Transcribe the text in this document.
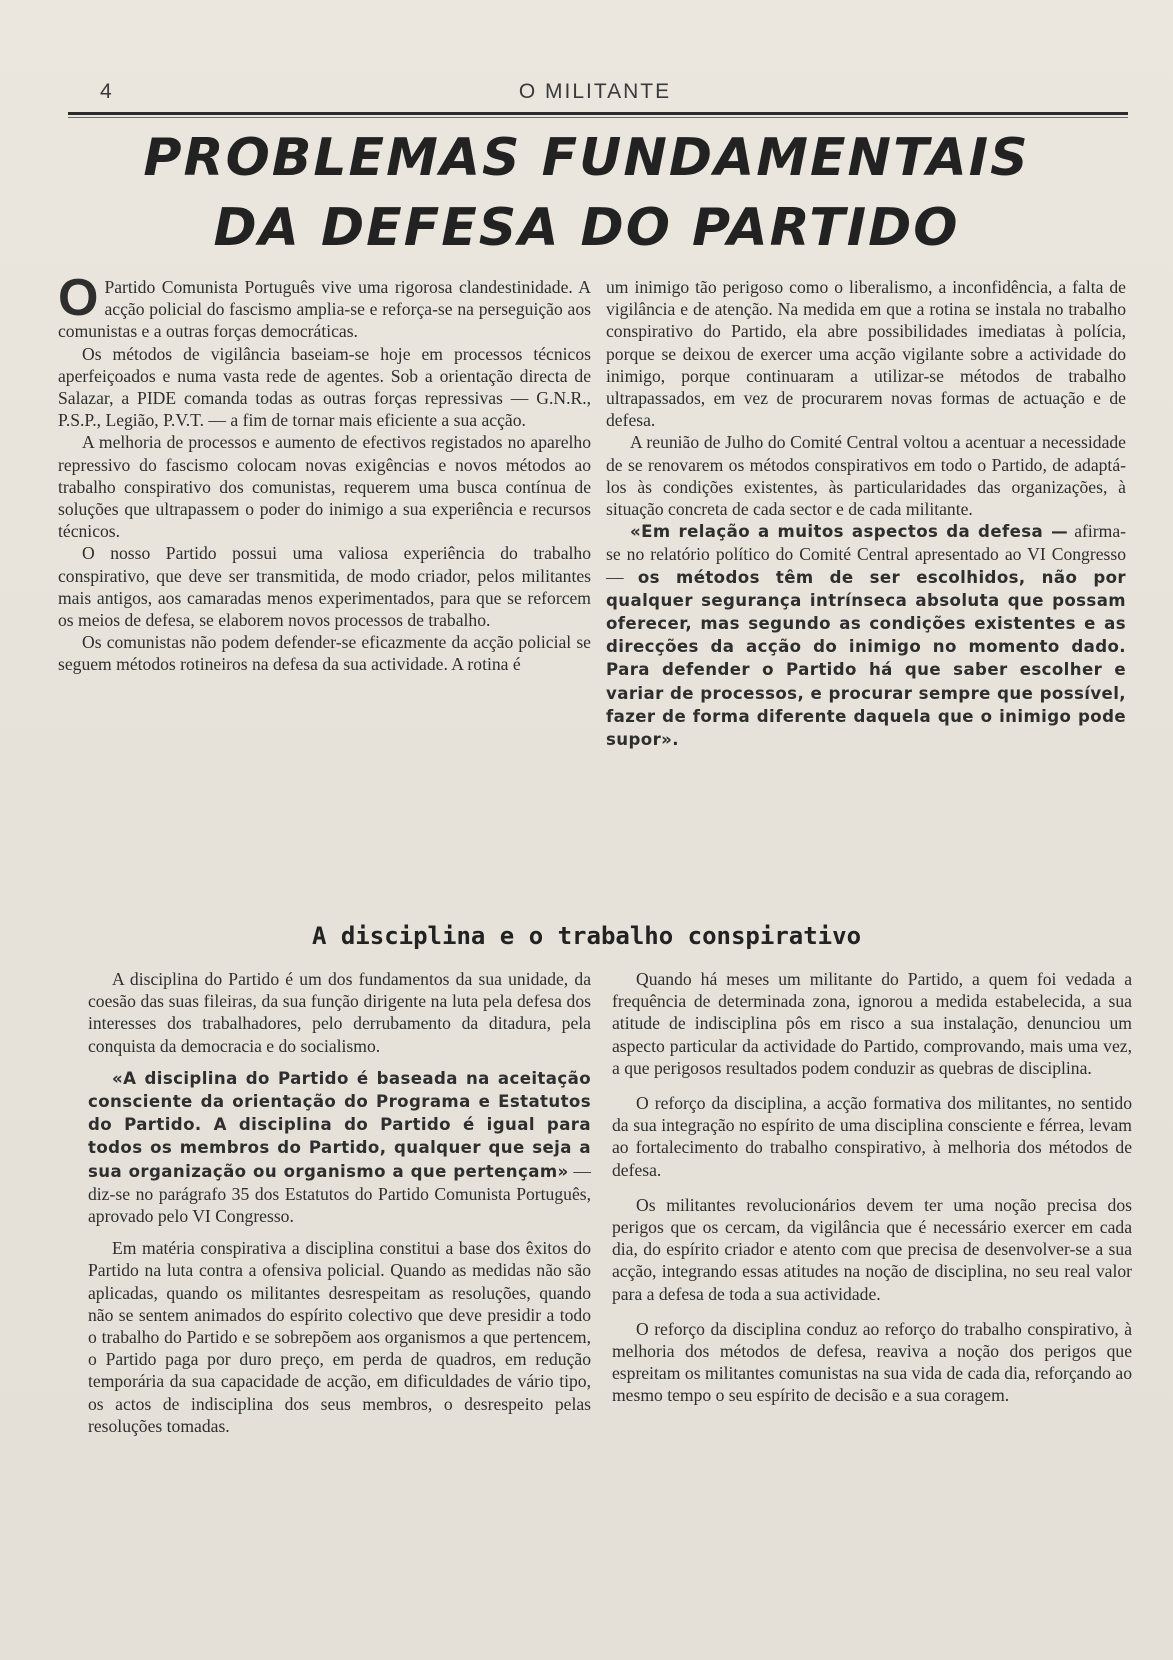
4	O MILITANTE
PROBLEMAS FUNDAMENTAIS
DA DEFESA DO PARTIDO

O Partido Comunista Português vive uma rigorosa clandestinidade. A acção policial do fascismo amplia-se e reforça-se na perseguição aos comunistas e a outras forças democráticas.

Os métodos de vigilância baseiam-se hoje em processos técnicos aperfeiçoados e numa vasta rede de agentes. Sob a orientação directa de Salazar, a PIDE comanda todas as outras forças repressivas — G.N.R., P.S.P., Legião, P.V.T. — a fim de tornar mais eficiente a sua acção.

A melhoria de processos e aumento de efectivos registados no aparelho repressivo do fascismo colocam novas exigências e novos métodos ao trabalho conspirativo dos comunistas, requerem uma busca contínua de soluções que ultrapassem o poder do inimigo a sua experiência e recursos técnicos.

O nosso Partido possui uma valiosa experiência do trabalho conspirativo, que deve ser transmitida, de modo criador, pelos militantes mais antigos, aos camaradas menos experimentados, para que se reforcem os meios de defesa, se elaborem novos processos de trabalho.

Os comunistas não podem defender-se eficazmente da acção policial se seguem métodos rotineiros na defesa da sua actividade. A rotina é

um inimigo tão perigoso como o liberalismo, a inconfidência, a falta de vigilância e de atenção. Na medida em que a rotina se instala no trabalho conspirativo do Partido, ela abre possibilidades imediatas à polícia, porque se deixou de exercer uma acção vigilante sobre a actividade do inimigo, porque continuaram a utilizar-se métodos de trabalho ultrapassados, em vez de procurarem novas formas de actuação e de defesa.

A reunião de Julho do Comité Central voltou a acentuar a necessidade de se renovarem os métodos conspirativos em todo o Partido, de adaptá-los às condições existentes, às particularidades das organizações, à situação concreta de cada sector e de cada militante.

«Em relação a muitos aspectos da defesa — afirma-se no relatório político do Comité Central apresentado ao VI Congresso — os métodos têm de ser escolhidos, não por qualquer segurança intrínseca absoluta que possam oferecer, mas segundo as condições existentes e as direcções da acção do inimigo no momento dado. Para defender o Partido há que saber escolher e variar de processos, e procurar sempre que possível, fazer de forma diferente daquela que o inimigo pode supor».

A disciplina e o trabalho conspirativo

A disciplina do Partido é um dos fundamentos da sua unidade, da coesão das suas fileiras, da sua função dirigente na luta pela defesa dos interesses dos trabalhadores, pelo derrubamento da ditadura, pela conquista da democracia e do socialismo.

«A disciplina do Partido é baseada na aceitação consciente da orientação do Programa e Estatutos do Partido. A disciplina do Partido é igual para todos os membros do Partido, qualquer que seja a sua organização ou organismo a que pertençam» — diz-se no parágrafo 35 dos Estatutos do Partido Comunista Português, aprovado pelo VI Congresso.

Em matéria conspirativa a disciplina constitui a base dos êxitos do Partido na luta contra a ofensiva policial. Quando as medidas não são aplicadas, quando os militantes desrespeitam as resoluções, quando não se sentem animados do espírito colectivo que deve presidir a todo o trabalho do Partido e se sobrepõem aos organismos a que pertencem, o Partido paga por duro preço, em perda de quadros, em redução temporária da sua capacidade de acção, em dificuldades de vário tipo, os actos de indisciplina dos seus membros, o desrespeito pelas resoluções tomadas.

Quando há meses um militante do Partido, a quem foi vedada a frequência de determinada zona, ignorou a medida estabelecida, a sua atitude de indisciplina pôs em risco a sua instalação, denunciou um aspecto particular da actividade do Partido, comprovando, mais uma vez, a que perigosos resultados podem conduzir as quebras de disciplina.

O reforço da disciplina, a acção formativa dos militantes, no sentido da sua integração no espírito de uma disciplina consciente e férrea, levam ao fortalecimento do trabalho conspirativo, à melhoria dos métodos de defesa.

Os militantes revolucionários devem ter uma noção precisa dos perigos que os cercam, da vigilância que é necessário exercer em cada dia, do espírito criador e atento com que precisa de desenvolver-se a sua acção, integrando essas atitudes na noção de disciplina, no seu real valor para a defesa de toda a sua actividade.

O reforço da disciplina conduz ao reforço do trabalho conspirativo, à melhoria dos métodos de defesa, reaviva a noção dos perigos que espreitam os militantes comunistas na sua vida de cada dia, reforçando ao mesmo tempo o seu espírito de decisão e a sua coragem.
